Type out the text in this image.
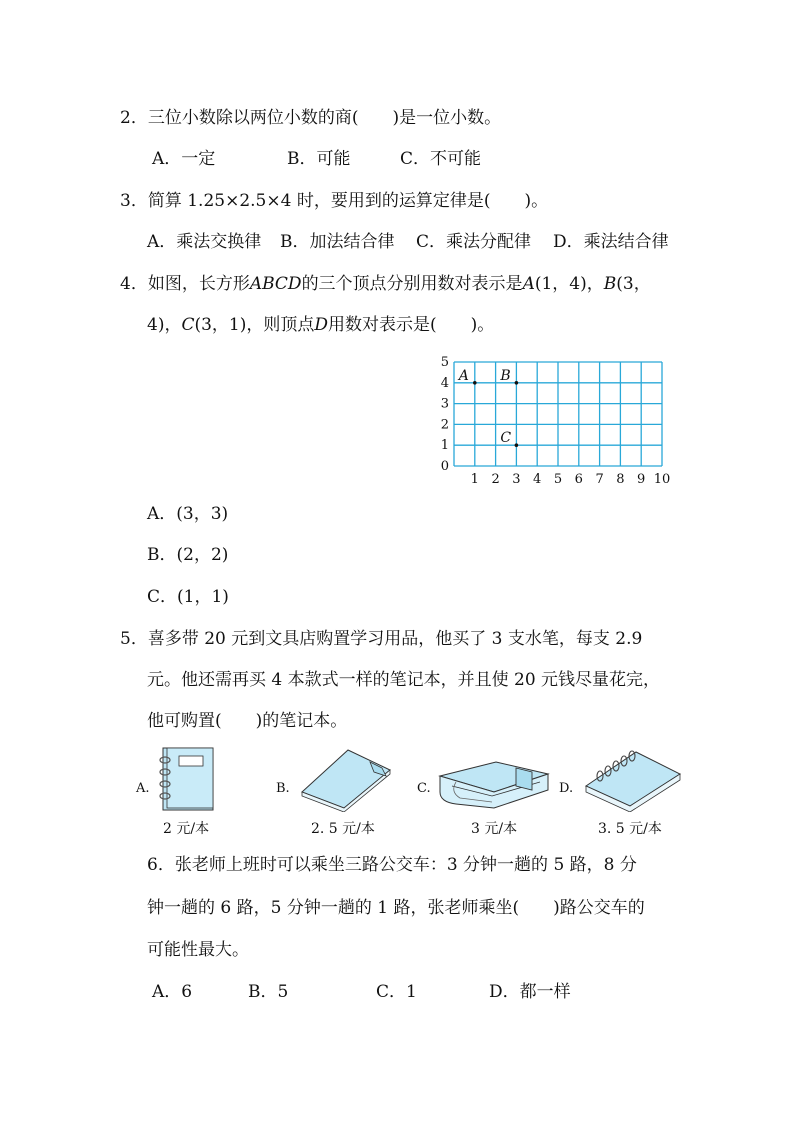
2．三位小数除以两位小数的商(　　)是一位小数。
A．一定	B．可能	C．不可能
3．简算 1.25×2.5×4 时，要用到的运算定律是(　　)。
A．乘法交换律 B．加法结合律 C．乘法分配律 D．乘法结合律
4．如图，长方形ABCD的三个顶点分别用数对表示是A(1，4)，B(3，
4)，C(3，1)，则顶点D用数对表示是(　　)。
1 2 3 4 5 6 7 8 9 10
0
1
2
3
4
5
A B
C
A．(3，3)
B．(2，2)
C．(1，1)
5．喜多带 20 元到文具店购置学习用品，他买了 3 支水笔，每支 2.9
元。他还需再买 4 本款式一样的笔记本，并且使 20 元钱尽量花完，
他可购置(　　)的笔记本。
A.
2 元/本
B.
2. 5 元/本
C.
3 元/本
D.
3. 5 元/本
6．张老师上班时可以乘坐三路公交车：3 分钟一趟的 5 路，8 分
钟一趟的 6 路，5 分钟一趟的 1 路，张老师乘坐(　　)路公交车的
可能性最大。
A．6	B．5	C．1	D．都一样
